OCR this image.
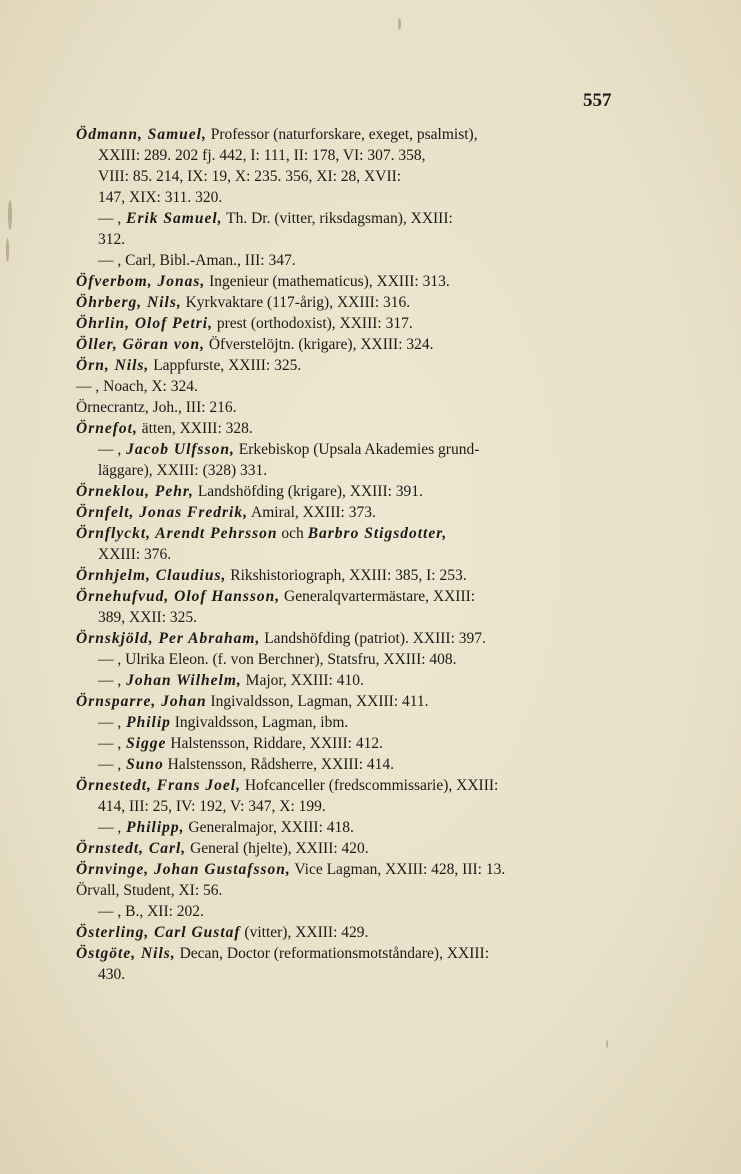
557
Ödmann, Samuel, Professor (naturforskare, exeget, psalmist),
XXIII: 289. 202 fj. 442, I: 111, II: 178, VI: 307. 358,
VIII: 85. 214, IX: 19, X: 235. 356, XI: 28, XVII:
147, XIX: 311. 320.
— , Erik Samuel, Th. Dr. (vitter, riksdagsman), XXIII:
312.
— , Carl, Bibl.-Aman., III: 347.
Öfverbom, Jonas, Ingenieur (mathematicus), XXIII: 313.
Öhrberg, Nils, Kyrkvaktare (117-årig), XXIII: 316.
Öhrlin, Olof Petri, prest (orthodoxist), XXIII: 317.
Öller, Göran von, Öfverstelöjtn. (krigare), XXIII: 324.
Örn, Nils, Lappfurste, XXIII: 325.
— , Noach, X: 324.
Örnecrantz, Joh., III: 216.
Örnefot, ätten, XXIII: 328.
— , Jacob Ulfsson, Erkebiskop (Upsala Akademies grund-
läggare), XXIII: (328) 331.
Örneklou, Pehr, Landshöfding (krigare), XXIII: 391.
Örnfelt, Jonas Fredrik, Amiral, XXIII: 373.
Örnflyckt, Arendt Pehrsson och Barbro Stigsdotter,
XXIII: 376.
Örnhjelm, Claudius, Rikshistoriograph, XXIII: 385, I: 253.
Örnehufvud, Olof Hansson, Generalqvartermästare, XXIII:
389, XXII: 325.
Örnskjöld, Per Abraham, Landshöfding (patriot). XXIII: 397.
— , Ulrika Eleon. (f. von Berchner), Statsfru, XXIII: 408.
— , Johan Wilhelm, Major, XXIII: 410.
Örnsparre, Johan Ingivaldsson, Lagman, XXIII: 411.
— , Philip Ingivaldsson, Lagman, ibm.
— , Sigge Halstensson, Riddare, XXIII: 412.
— , Suno Halstensson, Rådsherre, XXIII: 414.
Örnestedt, Frans Joel, Hofcanceller (fredscommissarie), XXIII:
414, III: 25, IV: 192, V: 347, X: 199.
— , Philipp, Generalmajor, XXIII: 418.
Örnstedt, Carl, General (hjelte), XXIII: 420.
Örnvinge, Johan Gustafsson, Vice Lagman, XXIII: 428, III: 13.
Örvall, Student, XI: 56.
— , B., XII: 202.
Österling, Carl Gustaf (vitter), XXIII: 429.
Östgöte, Nils, Decan, Doctor (reformationsmotståndare), XXIII:
430.
